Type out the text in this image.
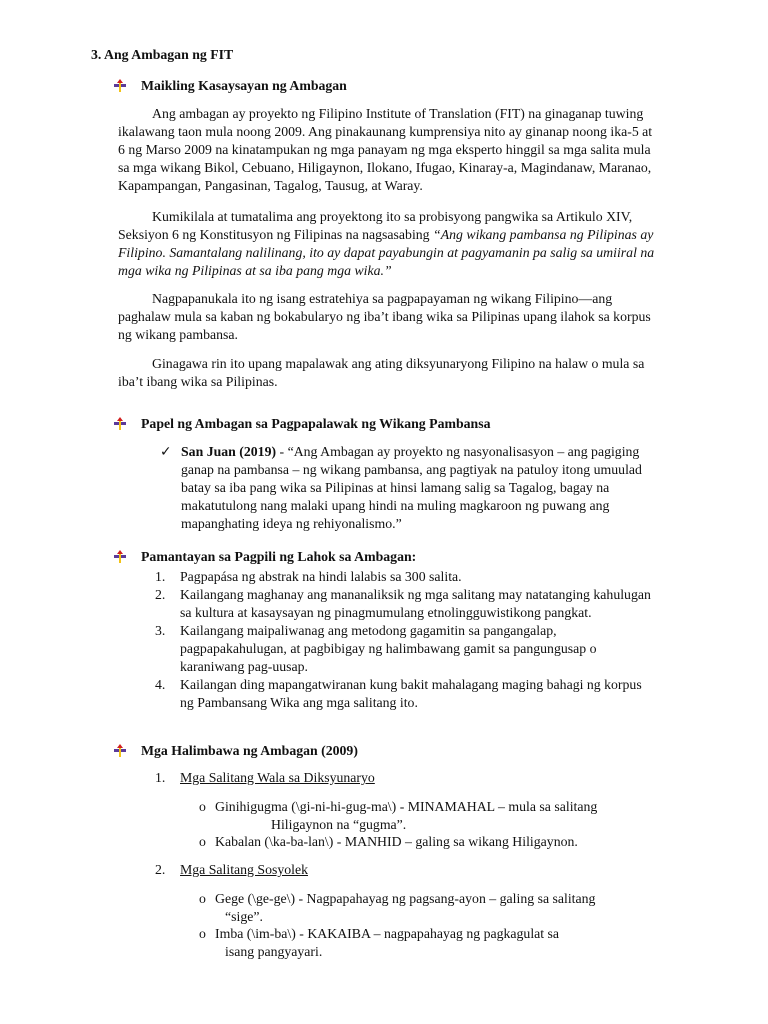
3. Ang Ambagan ng FIT
Maikling Kasaysayan ng Ambagan

Ang ambagan ay proyekto ng Filipino Institute of Translation (FIT) na ginaganap tuwing ikalawang taon mula noong 2009. Ang pinakaunang kumprensiya nito ay ginanap noong ika-5 at 6 ng Marso 2009 na kinatampukan ng mga panayam ng mga eksperto hinggil sa mga salita mula sa mga wikang Bikol, Cebuano, Hiligaynon, Ilokano, Ifugao, Kinaray-a, Magindanaw, Maranao, Kapampangan, Pangasinan, Tagalog, Tausug, at Waray.

Kumikilala at tumatalima ang proyektong ito sa probisyong pangwika sa Artikulo XIV, Seksiyon 6 ng Konstitusyon ng Filipinas na nagsasabing “Ang wikang pambansa ng Pilipinas ay Filipino. Samantalang nalilinang, ito ay dapat payabungin at pagyamanin pa salig sa umiiral na mga wika ng Pilipinas at sa iba pang mga wika.”

Nagpapanukala ito ng isang estratehiya sa pagpapayaman ng wikang Filipino—ang paghalaw mula sa kaban ng bokabularyo ng iba’t ibang wika sa Pilipinas upang ilahok sa korpus ng wikang pambansa.

Ginagawa rin ito upang mapalawak ang ating diksyunaryong Filipino na halaw o mula sa iba’t ibang wika sa Pilipinas.

Papel ng Ambagan sa Pagpapalawak ng Wikang Pambansa
✓ San Juan (2019) - “Ang Ambagan ay proyekto ng nasyonalisasyon – ang pagiging ganap na pambansa – ng wikang pambansa, ang pagtiyak na patuloy itong umuulad batay sa iba pang wika sa Pilipinas at hinsi lamang salig sa Tagalog, bagay na makatutulong nang malaki upang hindi na muling magkaroon ng puwang ang mapanghating ideya ng rehiyonalismo.”
Pamantayan sa Pagpili ng Lahok sa Ambagan:
1. Pagpapása ng abstrak na hindi lalabis sa 300 salita.
2. Kailangang maghanay ang mananaliksik ng mga salitang may natatanging kahulugan sa kultura at kasaysayan ng pinagmumulang etnolingguwistikong pangkat.
3. Kailangang maipaliwanag ang metodong gagamitin sa pangangalap, pagpapakahulugan, at pagbibigay ng halimbawang gamit sa pangungusap o karaniwang pag-uusap.
4. Kailangan ding mapangatwiranan kung bakit mahalagang maging bahagi ng korpus ng Pambansang Wika ang mga salitang ito.
Mga Halimbawa ng Ambagan (2009)
1. Mga Salitang Wala sa Diksyunaryo
o Ginihigugma (\gi-ni-hi-gug-ma\) - MINAMAHAL – mula sa salitang
Hiligaynon na “gugma”.
o Kabalan (\ka-ba-lan\) - MANHID – galing sa wikang Hiligaynon.
2. Mga Salitang Sosyolek
o Gege (\ge-ge\) - Nagpapahayag ng pagsang-ayon – galing sa salitang
“sige”.
o Imba (\im-ba\) - KAKAIBA – nagpapahayag ng pagkagulat sa
isang pangyayari.
